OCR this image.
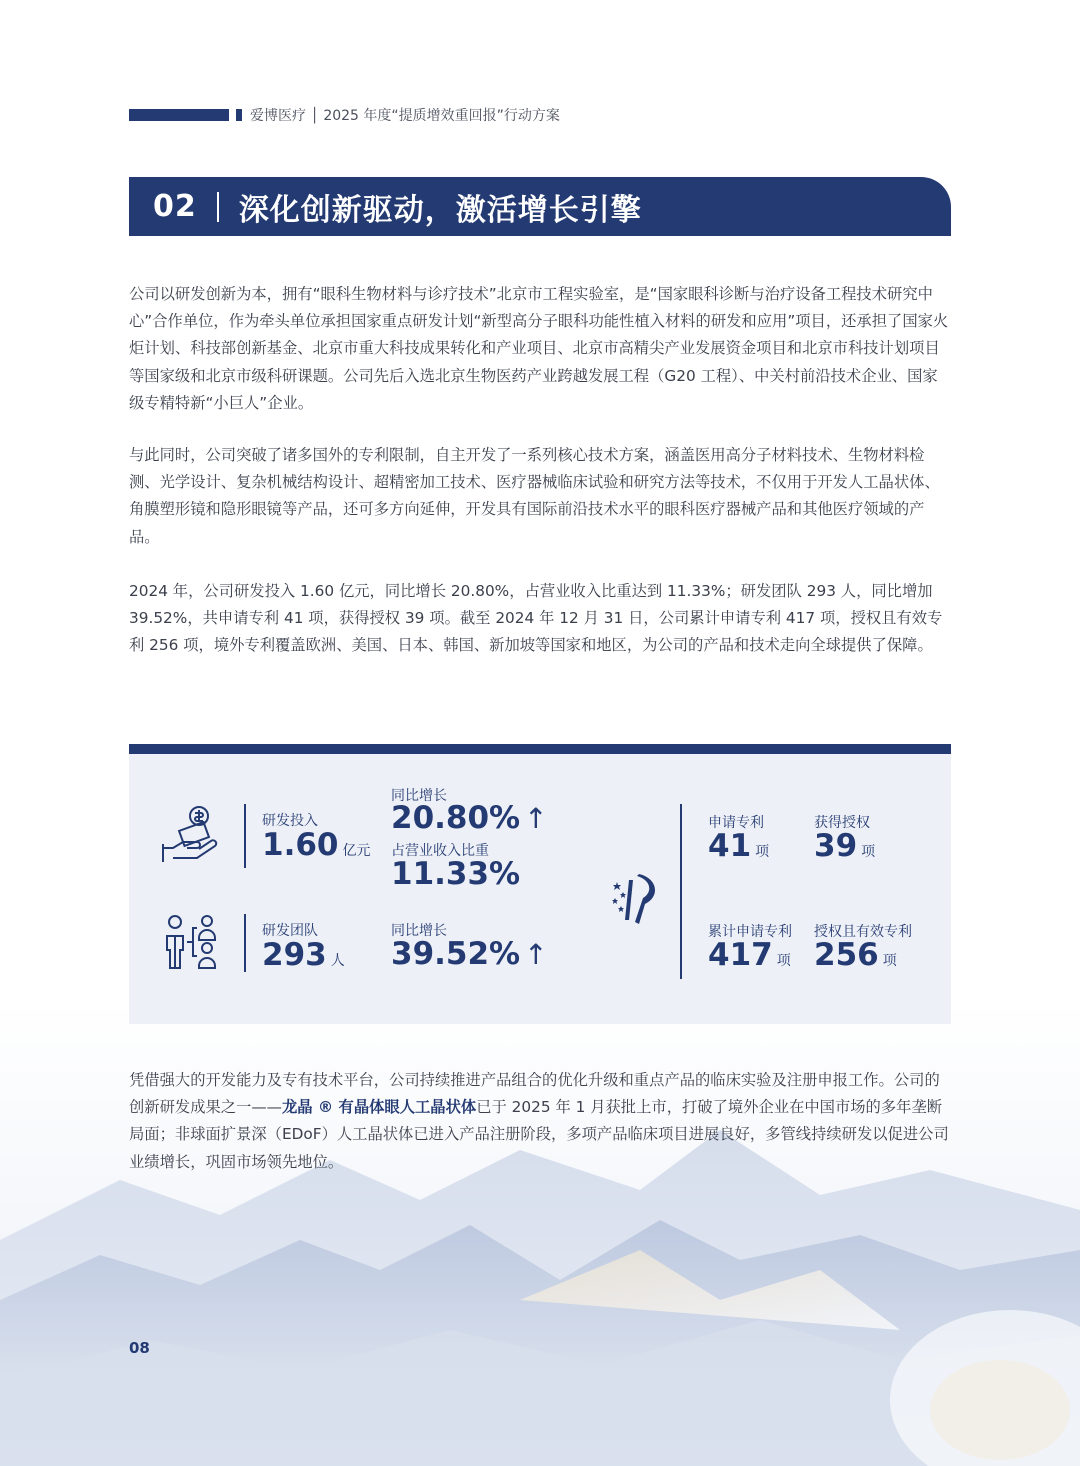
爱博医疗 │ 2025 年度“提质增效重回报”行动方案
02 深化创新驱动，激活增长引擎

公司以研发创新为本，拥有“眼科生物材料与诊疗技术”北京市工程实验室，是“国家眼科诊断与治疗设备工程技术研究中心”合作单位，作为牵头单位承担国家重点研发计划“新型高分子眼科功能性植入材料的研发和应用”项目，还承担了国家火炬计划、科技部创新基金、北京市重大科技成果转化和产业项目、北京市高精尖产业发展资金项目和北京市科技计划项目等国家级和北京市级科研课题。公司先后入选北京生物医药产业跨越发展工程（G20 工程）、中关村前沿技术企业、国家级专精特新“小巨人”企业。

与此同时，公司突破了诸多国外的专利限制，自主开发了一系列核心技术方案，涵盖医用高分子材料技术、生物材料检测、光学设计、复杂机械结构设计、超精密加工技术、医疗器械临床试验和研究方法等技术，不仅用于开发人工晶状体、角膜塑形镜和隐形眼镜等产品，还可多方向延伸，开发具有国际前沿技术水平的眼科医疗器械产品和其他医疗领域的产品。

2024 年，公司研发投入 1.60 亿元，同比增长 20.80%，占营业收入比重达到 11.33%；研发团队 293 人，同比增加 39.52%，共申请专利 41 项，获得授权 39 项。截至 2024 年 12 月 31 日，公司累计申请专利 417 项，授权且有效专利 256 项，境外专利覆盖欧洲、美国、日本、韩国、新加坡等国家和地区，为公司的产品和技术走向全球提供了保障。

研发投入
1.60 亿元
同比增长
20.80% ↑
占营业收入比重
11.33%
研发团队
293 人
同比增长
39.52% ↑
申请专利
41 项
获得授权
39 项
累计申请专利
417 项
授权且有效专利
256 项

凭借强大的开发能力及专有技术平台，公司持续推进产品组合的优化升级和重点产品的临床实验及注册申报工作。公司的创新研发成果之一——龙晶 ® 有晶体眼人工晶状体已于 2025 年 1 月获批上市，打破了境外企业在中国市场的多年垄断局面；非球面扩景深（EDoF）人工晶状体已进入产品注册阶段，多项产品临床项目进展良好，多管线持续研发以促进公司业绩增长，巩固市场领先地位。

08
